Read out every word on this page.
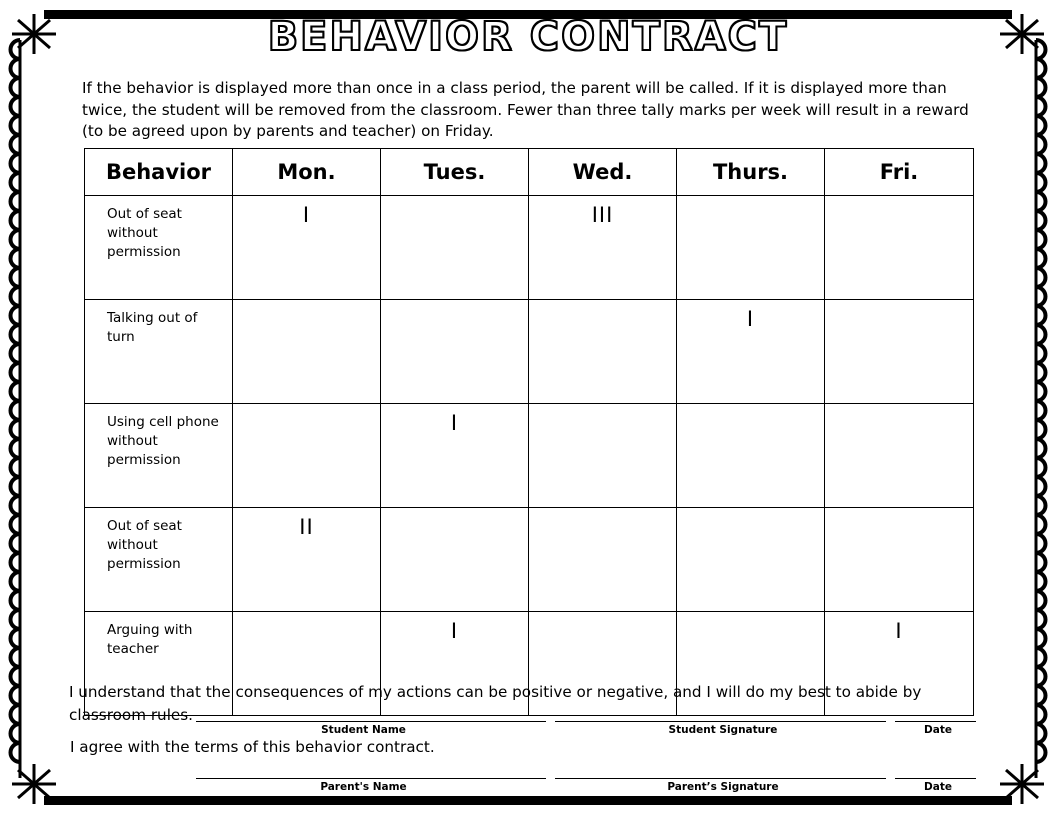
BEHAVIOR CONTRACT
If the behavior is displayed more than once in a class period, the parent will be called. If it is displayed more than twice, the student will be removed from the classroom. Fewer than three tally marks per week will result in a reward (to be agreed upon by parents and teacher) on Friday.
Behavior	Mon.	Tues.	Wed.	Thurs.	Fri.
Out of seat without permission	I		III		
Talking out of turn				I	
Using cell phone without permission		I			
Out of seat without permission	II				
Arguing with teacher		I			I
I understand that the consequences of my actions can be positive or negative, and I will do my best to abide by classroom rules.
Student Name	Student Signature	Date
I agree with the terms of this behavior contract.
Parent's Name	Parent’s Signature	Date
